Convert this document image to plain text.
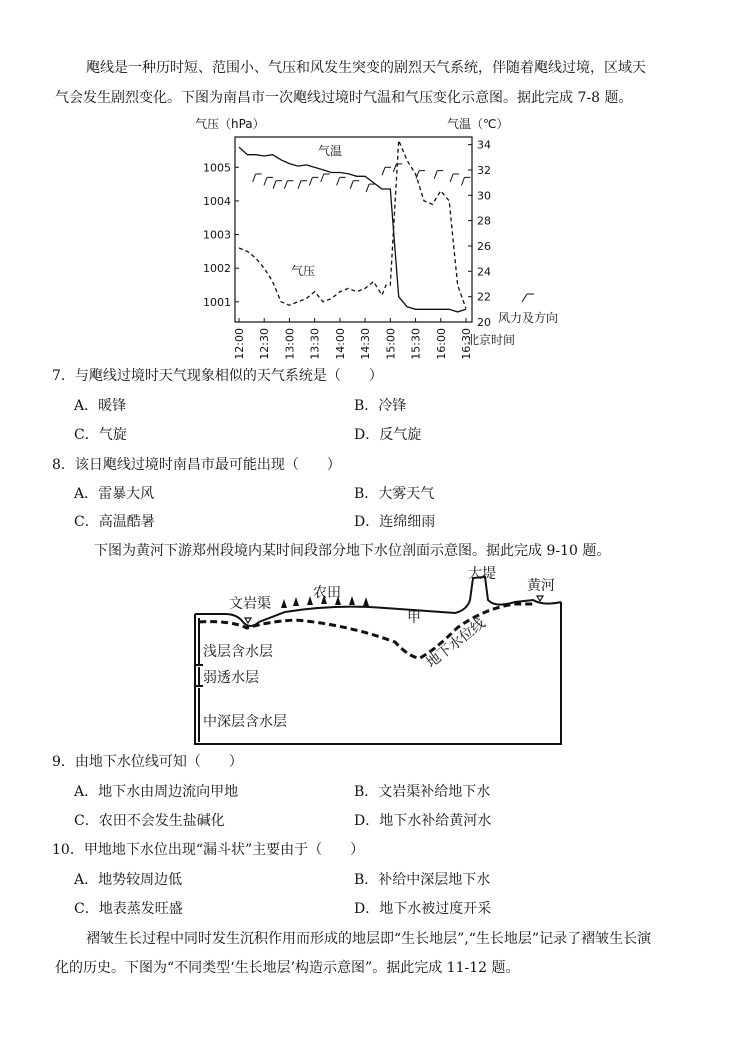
飑线是一种历时短、范围小、气压和风发生突变的剧烈天气系统，伴随着飑线过境，区域天
气会发生剧烈变化。下图为南昌市一次飑线过境时气温和气压变化示意图。据此完成 7-8 题。
气压（hPa）	气温（℃）
1005
1004
1003
1002
1001
34
32
30
28
26
24
22
20
12:00 12:30 13:00 13:30 14:00 14:30 15:00 15:30 16:00 16:30
气温
气压
北京时间
风力及方向
7．与飑线过境时天气现象相似的天气系统是（　　）
A．暖锋	B．冷锋
C．气旋	D．反气旋
8．该日飑线过境时南昌市最可能出现（　　）
A．雷暴大风	B．大雾天气
C．高温酷暑	D．连绵细雨
下图为黄河下游郑州段境内某时间段部分地下水位剖面示意图。据此完成 9-10 题。
文岩渠
农田
甲
大堤
黄河
地下水位线
浅层含水层
弱透水层
中深层含水层
9．由地下水位线可知（　　）
A．地下水由周边流向甲地	B．文岩渠补给地下水
C．农田不会发生盐碱化	D．地下水补给黄河水
10．甲地地下水位出现“漏斗状”主要由于（　　）
A．地势较周边低	B．补给中深层地下水
C．地表蒸发旺盛	D．地下水被过度开采
褶皱生长过程中同时发生沉积作用而形成的地层即“生长地层”,“生长地层”记录了褶皱生长演
化的历史。下图为“不同类型‘生长地层’构造示意图”。据此完成 11-12 题。
